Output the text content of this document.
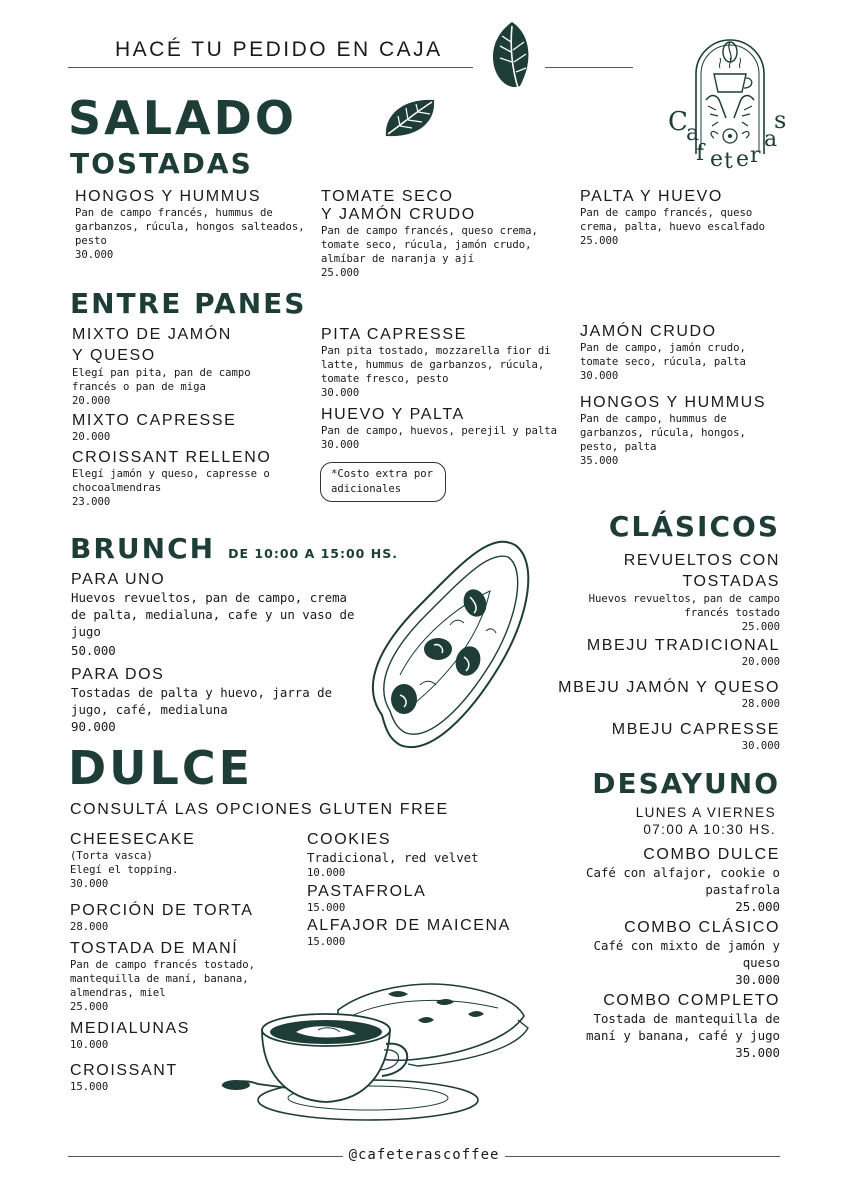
HACÉ TU PEDIDO EN CAJA
C
a
f e t e r
a
s
SALADO
TOSTADAS
HONGOS Y HUMMUS
Pan de campo francés, hummus de garbanzos, rúcula, hongos salteados, pesto
30.000
TOMATE SECO
Y JAMÓN CRUDO
Pan de campo francés, queso crema, tomate seco, rúcula, jamón crudo, almíbar de naranja y ají
25.000
PALTA Y HUEVO
Pan de campo francés, queso crema, palta, huevo escalfado
25.000
ENTRE PANES
MIXTO DE JAMÓN
Y QUESO
Elegí pan pita, pan de campo francés o pan de miga
20.000
MIXTO CAPRESSE
20.000
CROISSANT RELLENO
Elegí jamón y queso, capresse o chocoalmendras
23.000
PITA CAPRESSE
Pan pita tostado, mozzarella fior di latte, hummus de garbanzos, rúcula, tomate fresco, pesto
30.000
HUEVO Y PALTA
Pan de campo, huevos, perejil y palta
30.000
*Costo extra por adicionales
JAMÓN CRUDO
Pan de campo, jamón crudo, tomate seco, rúcula, palta
30.000
HONGOS Y HUMMUS
Pan de campo, hummus de garbanzos, rúcula, hongos, pesto, palta
35.000
BRUNCH DE 10:00 A 15:00 HS.
PARA UNO
Huevos revueltos, pan de campo, crema de palta, medialuna, cafe y un vaso de jugo
50.000
PARA DOS
Tostadas de palta y huevo, jarra de jugo, café, medialuna
90.000
CLÁSICOS
REVUELTOS CON
TOSTADAS
Huevos revueltos, pan de campo francés tostado
25.000
MBEJU TRADICIONAL
20.000
MBEJU JAMÓN Y QUESO
28.000
MBEJU CAPRESSE
30.000
DULCE
CONSULTÁ LAS OPCIONES GLUTEN FREE
CHEESECAKE
(Torta vasca) Elegí el topping.
30.000
PORCIÓN DE TORTA
28.000
TOSTADA DE MANÍ
Pan de campo francés tostado, mantequilla de maní, banana, almendras, miel
25.000
MEDIALUNAS
10.000
CROISSANT
15.000
COOKIES
Tradicional, red velvet
10.000
PASTAFROLA
15.000
ALFAJOR DE MAICENA
15.000
DESAYUNO
LUNES A VIERNES
07:00 A 10:30 HS.
COMBO DULCE
Café con alfajor, cookie o pastafrola
25.000
COMBO CLÁSICO
Café con mixto de jamón y queso
30.000
COMBO COMPLETO
Tostada de mantequilla de maní y banana, café y jugo
35.000
@cafeterascoffee
